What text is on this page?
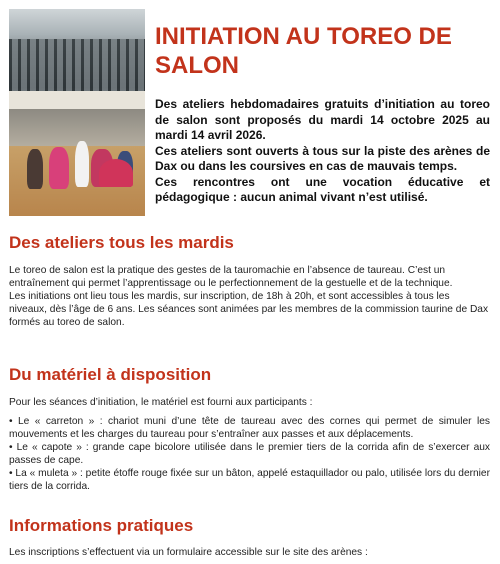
INITIATION AU TOREO DE
SALON

Des ateliers hebdomadaires gratuits d’initiation au toreo de salon sont proposés du mardi 14 octobre 2025 au mardi 14 avril 2026.

Ces ateliers sont ouverts à tous sur la piste des arènes de Dax ou dans les coursives en cas de mauvais temps.

Ces rencontres ont une vocation éducative et pédagogique : aucun animal vivant n’est utilisé.

Des ateliers tous les mardis

Le toreo de salon est la pratique des gestes de la tauromachie en l’absence de taureau. C’est un entraînement qui permet l’apprentissage ou le perfectionnement de la gestuelle et de la technique.

Les initiations ont lieu tous les mardis, sur inscription, de 18h à 20h, et sont accessibles à tous les niveaux, dès l’âge de 6 ans. Les séances sont animées par les membres de la commission taurine de Dax formés au toreo de salon.

Du matériel à disposition

Pour les séances d’initiation, le matériel est fourni aux participants :

• Le « carreton » : chariot muni d’une tête de taureau avec des cornes qui permet de simuler les mouvements et les charges du taureau pour s’entraîner aux passes et aux déplacements.

• Le « capote » : grande cape bicolore utilisée dans le premier tiers de la corrida afin de s’exercer aux passes de cape.

• La « muleta » : petite étoffe rouge fixée sur un bâton, appelé estaquillador ou palo, utilisée lors du dernier tiers de la corrida.

Informations pratiques

Les inscriptions s’effectuent via un formulaire accessible sur le site des arènes :
